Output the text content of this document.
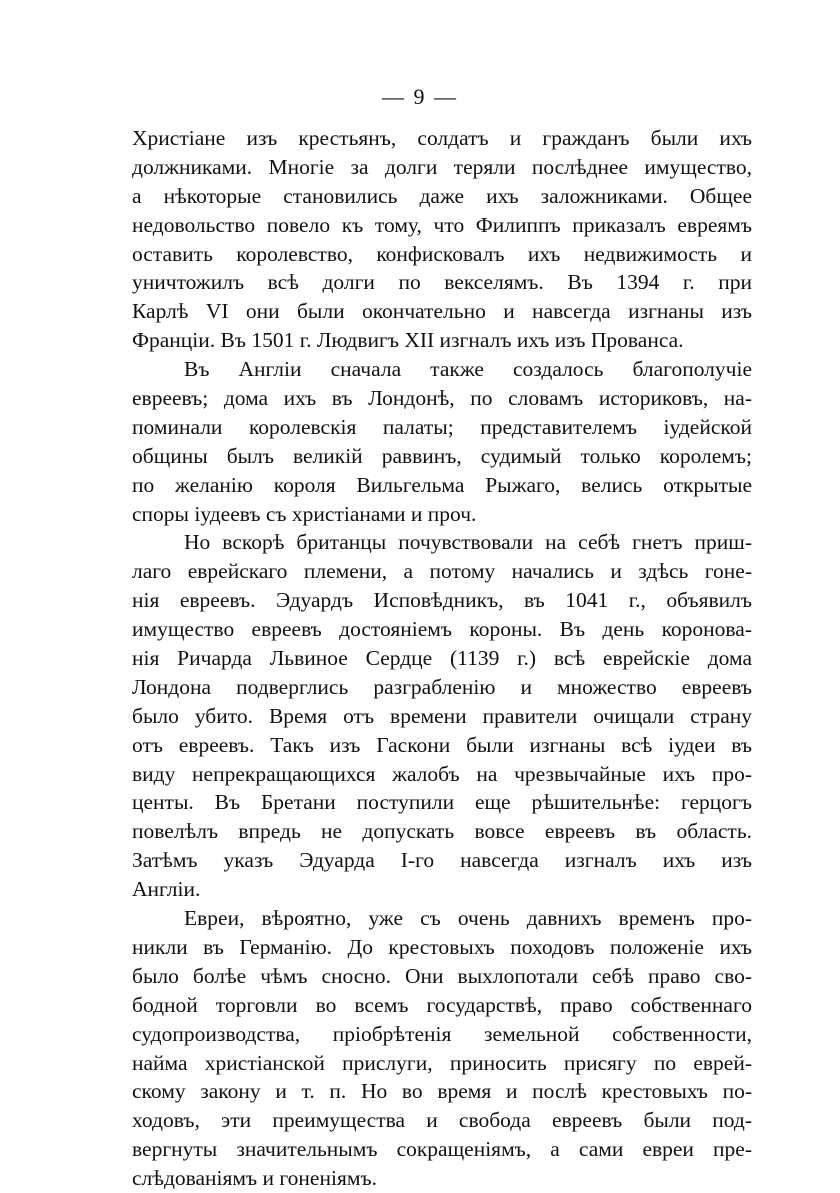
— 9 —
Христіане изъ крестьянъ, солдатъ и гражданъ были ихъ
должниками. Многіе за долги теряли послѣднее имущество,
а нѣкоторые становились даже ихъ заложниками. Общее
недовольство повело къ тому, что Филиппъ приказалъ евреямъ
оставить королевство, конфисковалъ ихъ недвижимость и
уничтожилъ всѣ долги по векселямъ. Въ 1394 г. при
Карлѣ VI они были окончательно и навсегда изгнаны изъ
Франціи. Въ 1501 г. Людвигъ XII изгналъ ихъ изъ Прованса.
Въ Англіи сначала также создалось благополучіе
евреевъ; дома ихъ въ Лондонѣ, по словамъ историковъ, на-
поминали королевскія палаты; представителемъ іудейской
общины былъ великій раввинъ, судимый только королемъ;
по желанію короля Вильгельма Рыжаго, велись открытые
споры іудеевъ съ христіанами и проч.
Но вскорѣ британцы почувствовали на себѣ гнетъ приш-
лаго еврейскаго племени, а потому начались и здѣсь гоне-
нія евреевъ. Эдуардъ Исповѣдникъ, въ 1041 г., объявилъ
имущество евреевъ достояніемъ короны. Въ день коронова-
нія Ричарда Львиное Сердце (1139 г.) всѣ еврейскіе дома
Лондона подверглись разграбленію и множество евреевъ
было убито. Время отъ времени правители очищали страну
отъ евреевъ. Такъ изъ Гаскони были изгнаны всѣ іудеи въ
виду непрекращающихся жалобъ на чрезвычайные ихъ про-
центы. Въ Бретани поступили еще рѣшительнѣе: герцогъ
повелѣлъ впредь не допускать вовсе евреевъ въ область.
Затѣмъ указъ Эдуарда I-го навсегда изгналъ ихъ изъ
Англіи.
Евреи, вѣроятно, уже съ очень давнихъ временъ про-
никли въ Германію. До крестовыхъ походовъ положеніе ихъ
было болѣе чѣмъ сносно. Они выхлопотали себѣ право сво-
бодной торговли во всемъ государствѣ, право собственнаго
судопроизводства, пріобрѣтенія земельной собственности,
найма христіанской прислуги, приносить присягу по еврей-
скому закону и т. п. Но во время и послѣ крестовыхъ по-
ходовъ, эти преимущества и свобода евреевъ были под-
вергнуты значительнымъ сокращеніямъ, а сами евреи пре-
слѣдованіямъ и гоненіямъ.
